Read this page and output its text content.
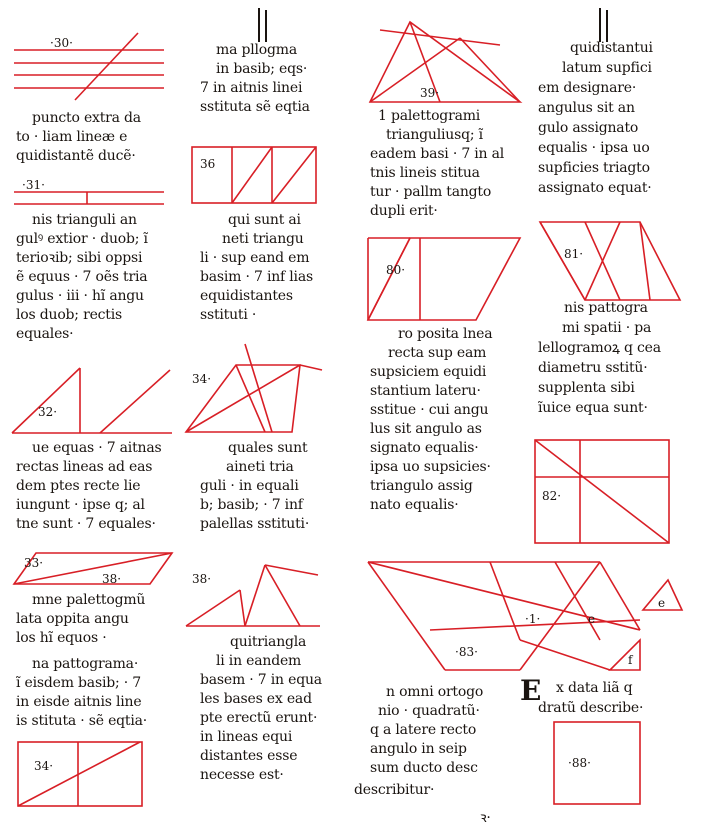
·30·
·31·
32·
33·
38·
34·
36
34·
38·
39·
80·
·83·
·1·	e
e
f
81·
82·
·88·
E
puncto extra da
to · liam lineæ e
quidistantẽ ducẽ·
nis trianguli an
gulꝰ extior · duob; ĩ
terioꝛib; sibi oppsi
ẽ equus · 7 oẽs tria
gulus · iii · hĩ angu
los duob; rectis
equales·
ue equas · 7 aitnas
rectas lineas ad eas
dem ptes recte lie
iungunt · ipse q; al
tne sunt · 7 equales·
mne palettogmũ
lata oppita angu
los hĩ equos ·
na pattograma·
ĩ eisdem basib; · 7
in eisde aitnis line
is stituta · sẽ eqtia·
ma pllogma
in basib; eqs·
7 in aitnis linei
sstituta sẽ eqtia
qui sunt ai
neti triangu
li · sup eand em
basim · 7 inf lias
equidistantes
sstituti ·
quales sunt
aineti tria
guli · in equali
b; basib; · 7 inf
palellas sstituti·
quitriangla
li in eandem
basem · 7 in equa
les bases ex ead
pte erectũ erunt·
in lineas equi
distantes esse
necesse est·
1 palettogrami
trianguliusq; ĩ
eadem basi · 7 in al
tnis lineis stitua
tur · pallm tangto
dupli erit·
ro posita lnea
recta sup eam
supsiciem equidi
stantium lateru·
sstitue · cui angu
lus sit angulo as
signato equalis·
ipsa uo supsicies·
triangulo assig
nato equalis·
n omni ortogo
nio · quadratũ·
q a latere recto
angulo in seip
sum ducto desc
describitur·
ꝛ·
quidistantui
latum supfici
em designare·
angulus sit an
gulo assignato
equalis · ipsa uo
supficies triagto
assignato equat·
nis pattogra
mi spatii · pa
lellogramoꝝ q cea
diametru sstitũ·
supplenta sibi
ĩuice equa sunt·
x data liã q
dratũ describe·
